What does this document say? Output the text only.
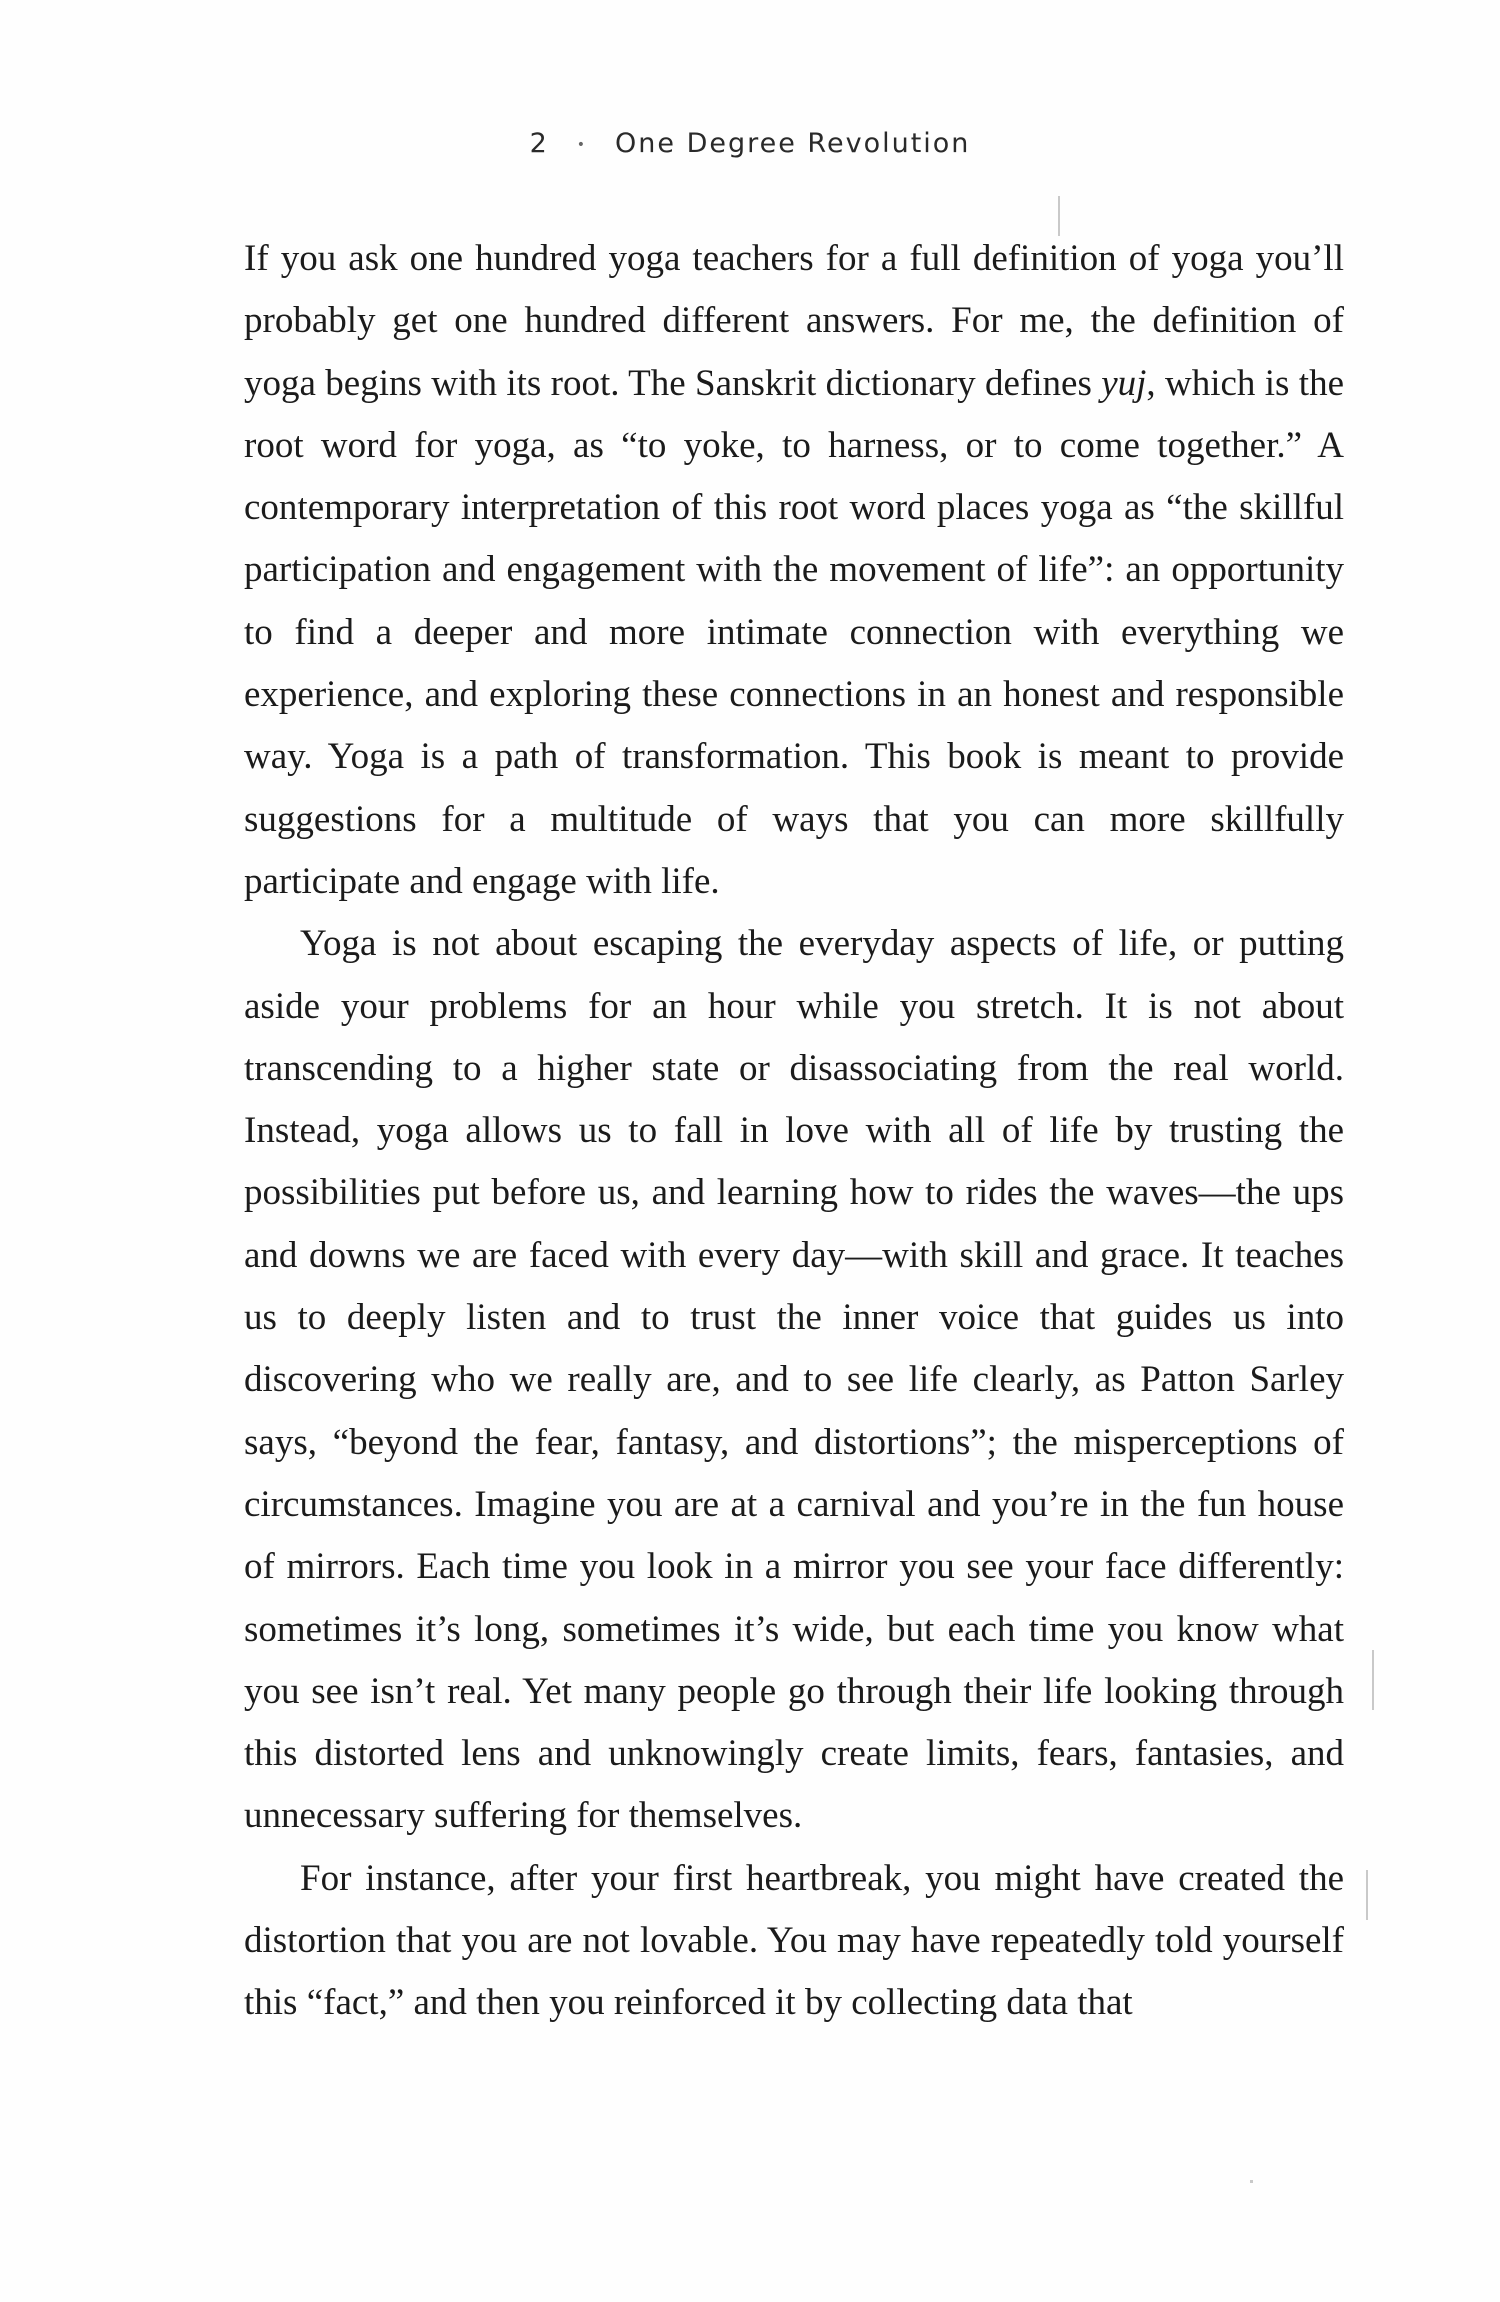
2 • One Degree Revolution

If you ask one hundred yoga teachers for a full definition of yoga you’ll probably get one hundred different answers. For me, the definition of yoga begins with its root. The Sanskrit dictionary defines yuj, which is the root word for yoga, as “to yoke, to harness, or to come together.” A contemporary interpretation of this root word places yoga as “the skillful participation and engagement with the movement of life”: an opportunity to find a deeper and more intimate connection with everything we experience, and exploring these connections in an honest and responsible way. Yoga is a path of transformation. This book is meant to provide suggestions for a multitude of ways that you can more skillfully participate and engage with life.

Yoga is not about escaping the everyday aspects of life, or putting aside your problems for an hour while you stretch. It is not about transcending to a higher state or disassociating from the real world. Instead, yoga allows us to fall in love with all of life by trusting the possibilities put before us, and learning how to rides the waves—the ups and downs we are faced with every day—with skill and grace. It teaches us to deeply listen and to trust the inner voice that guides us into discovering who we really are, and to see life clearly, as Patton Sarley says, “beyond the fear, fantasy, and distortions”; the misperceptions of circumstances. Imagine you are at a carnival and you’re in the fun house of mirrors. Each time you look in a mirror you see your face differently: sometimes it’s long, sometimes it’s wide, but each time you know what you see isn’t real. Yet many people go through their life looking through this distorted lens and unknowingly create limits, fears, fantasies, and unnecessary suffering for themselves.

For instance, after your first heartbreak, you might have created the distortion that you are not lovable. You may have repeatedly told yourself this “fact,” and then you reinforced it by collecting data that
